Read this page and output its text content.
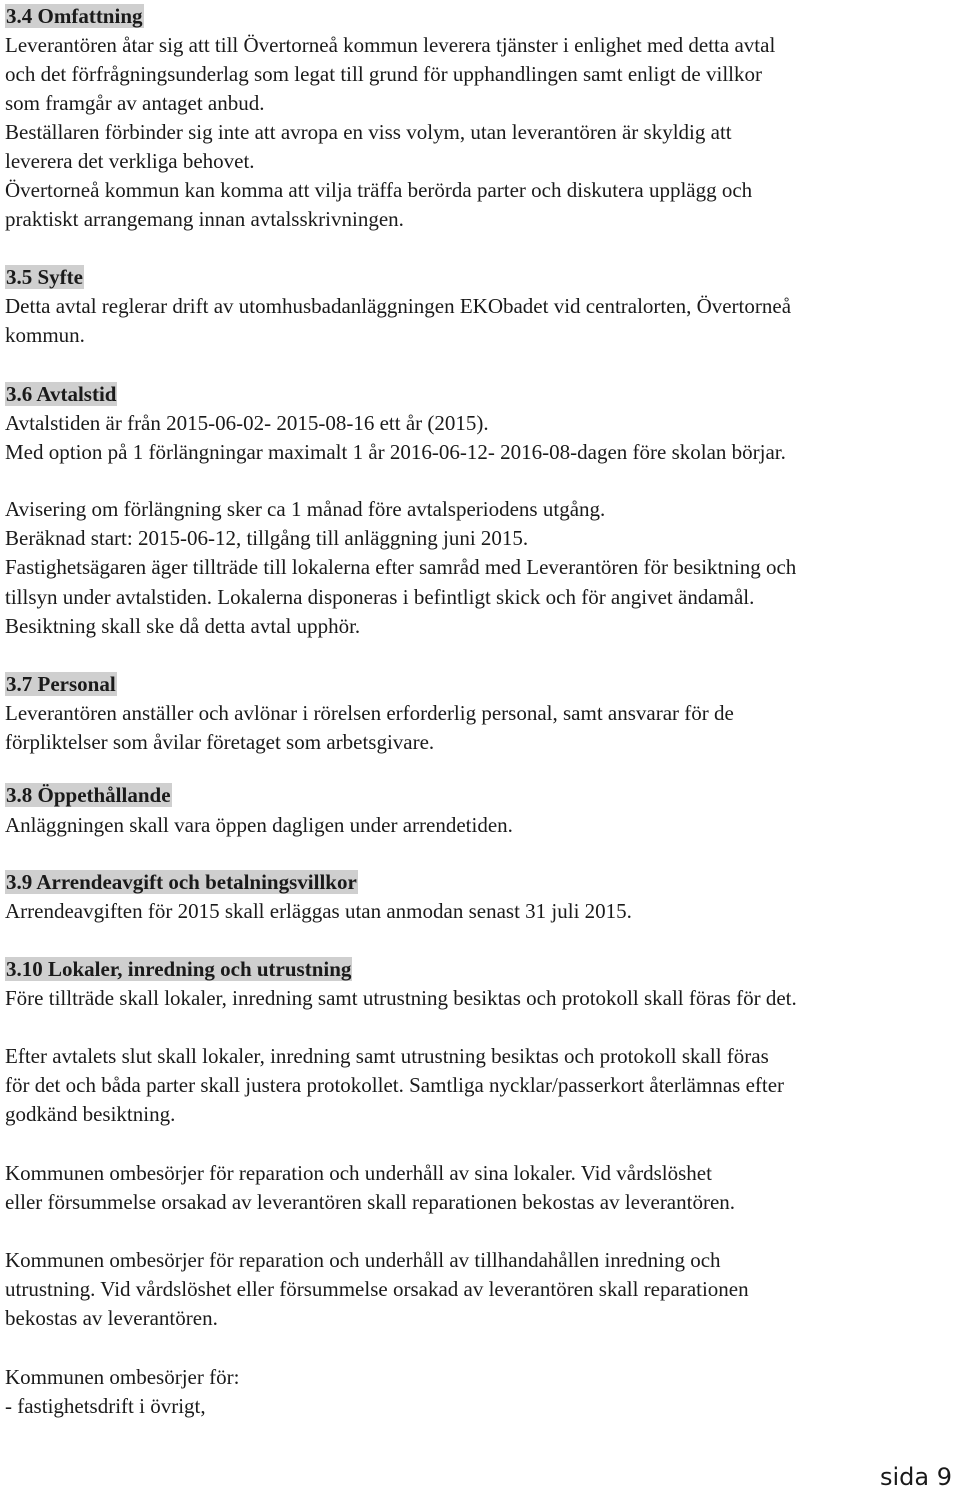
3.4 Omfattning
Leverantören åtar sig att till Övertorneå kommun leverera tjänster i enlighet med detta avtal
och det förfrågningsunderlag som legat till grund för upphandlingen samt enligt de villkor
som framgår av antaget anbud.
Beställaren förbinder sig inte att avropa en viss volym, utan leverantören är skyldig att
leverera det verkliga behovet.
Övertorneå kommun kan komma att vilja träffa berörda parter och diskutera upplägg och
praktiskt arrangemang innan avtalsskrivningen.
3.5 Syfte
Detta avtal reglerar drift av utomhusbadanläggningen EKObadet vid centralorten, Övertorneå
kommun.
3.6 Avtalstid
Avtalstiden är från 2015-06-02- 2015-08-16 ett år (2015).
Med option på 1 förlängningar maximalt 1 år 2016-06-12- 2016-08-dagen före skolan börjar.
Avisering om förlängning sker ca 1 månad före avtalsperiodens utgång.
Beräknad start: 2015-06-12, tillgång till anläggning juni 2015.
Fastighetsägaren äger tillträde till lokalerna efter samråd med Leverantören för besiktning och
tillsyn under avtalstiden. Lokalerna disponeras i befintligt skick och för angivet ändamål.
Besiktning skall ske då detta avtal upphör.
3.7 Personal
Leverantören anställer och avlönar i rörelsen erforderlig personal, samt ansvarar för de
förpliktelser som åvilar företaget som arbetsgivare.
3.8 Öppethållande
Anläggningen skall vara öppen dagligen under arrendetiden.
3.9 Arrendeavgift och betalningsvillkor
Arrendeavgiften för 2015 skall erläggas utan anmodan senast 31 juli 2015.
3.10 Lokaler, inredning och utrustning
Före tillträde skall lokaler, inredning samt utrustning besiktas och protokoll skall föras för det.
Efter avtalets slut skall lokaler, inredning samt utrustning besiktas och protokoll skall föras
för det och båda parter skall justera protokollet. Samtliga nycklar/passerkort återlämnas efter
godkänd besiktning.
Kommunen ombesörjer för reparation och underhåll av sina lokaler. Vid vårdslöshet
eller försummelse orsakad av leverantören skall reparationen bekostas av leverantören.
Kommunen ombesörjer för reparation och underhåll av tillhandahållen inredning och
utrustning. Vid vårdslöshet eller försummelse orsakad av leverantören skall reparationen
bekostas av leverantören.
Kommunen ombesörjer för:
- fastighetsdrift i övrigt,
sida 9
